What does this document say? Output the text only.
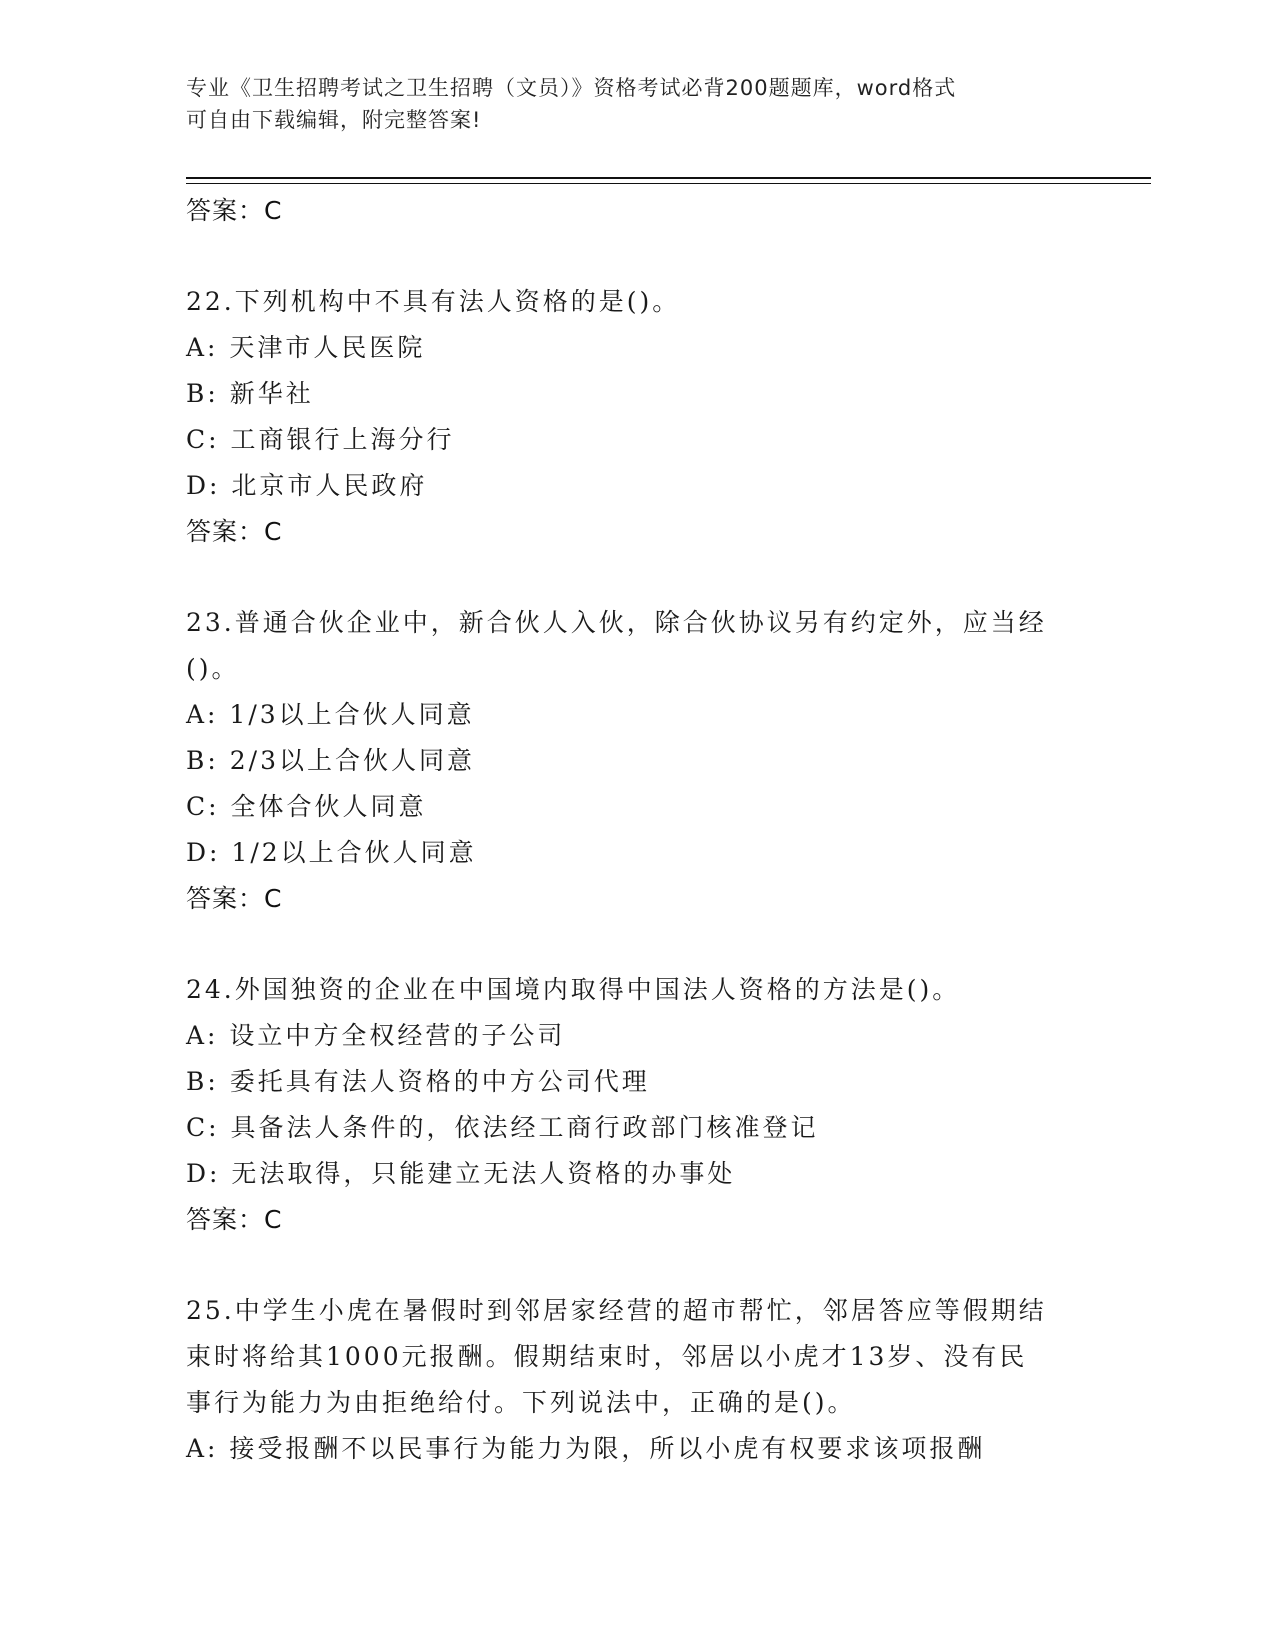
专业《卫生招聘考试之卫生招聘（文员）》资格考试必背200题题库，word格式
可自由下载编辑，附完整答案!
答案：C
22.下列机构中不具有法人资格的是()。
A: 天津市人民医院
B: 新华社
C: 工商银行上海分行
D: 北京市人民政府
答案：C
23.普通合伙企业中，新合伙人入伙，除合伙协议另有约定外，应当经
()。
A: 1/3以上合伙人同意
B: 2/3以上合伙人同意
C: 全体合伙人同意
D: 1/2以上合伙人同意
答案：C
24.外国独资的企业在中国境内取得中国法人资格的方法是()。
A: 设立中方全权经营的子公司
B: 委托具有法人资格的中方公司代理
C: 具备法人条件的，依法经工商行政部门核准登记
D: 无法取得，只能建立无法人资格的办事处
答案：C
25.中学生小虎在暑假时到邻居家经营的超市帮忙，邻居答应等假期结
束时将给其1000元报酬。假期结束时，邻居以小虎才13岁、没有民
事行为能力为由拒绝给付。下列说法中，正确的是()。
A: 接受报酬不以民事行为能力为限，所以小虎有权要求该项报酬
